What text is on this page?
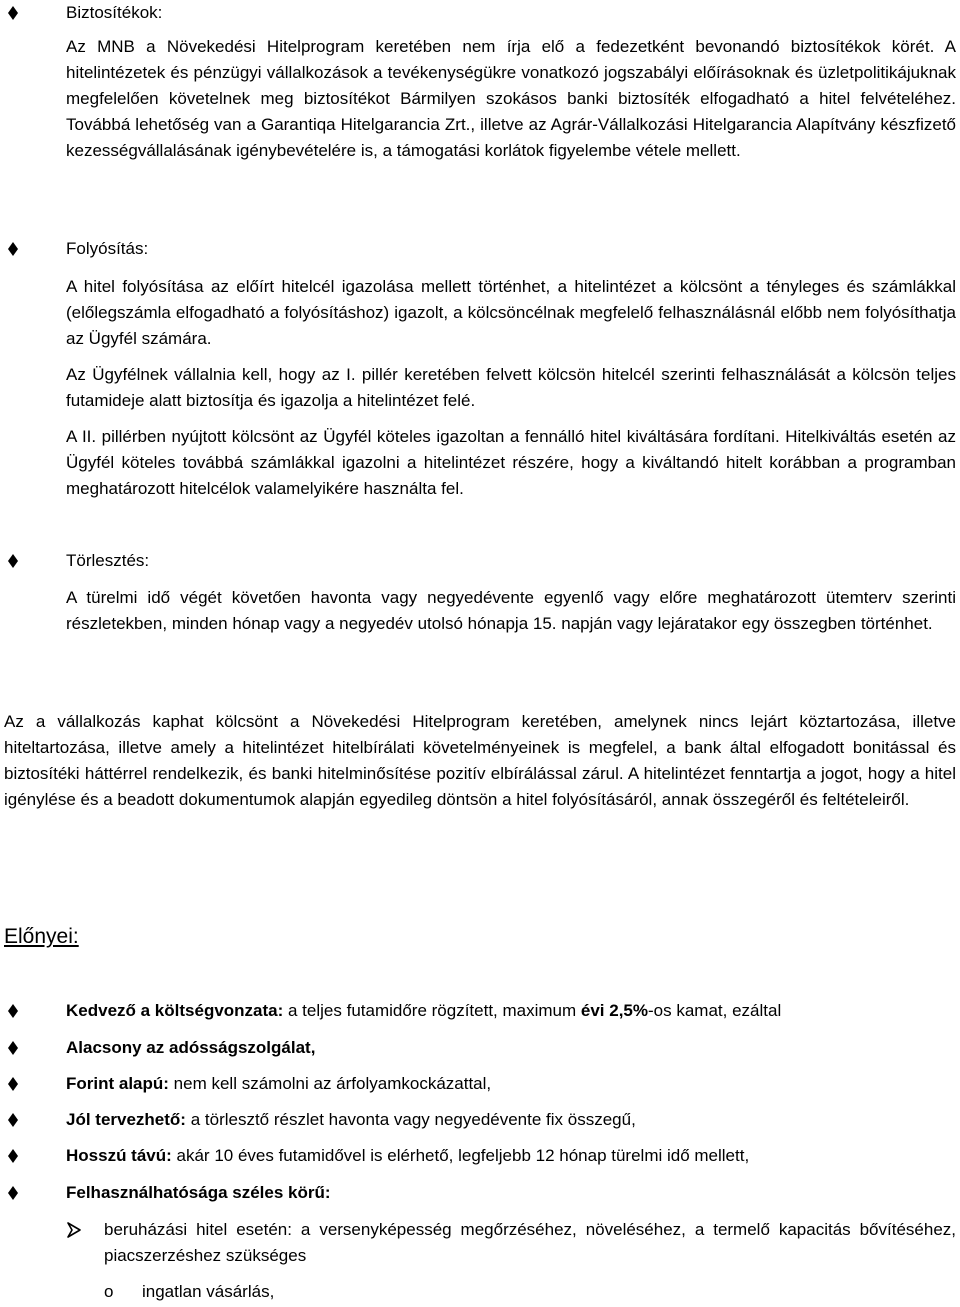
Biztosítékok:

Az MNB a Növekedési Hitelprogram keretében nem írja elő a fedezetként bevonandó biztosítékok körét. A hitelintézetek és pénzügyi vállalkozások a tevékenységükre vonatkozó jogszabályi előírásoknak és üzletpolitikájuknak megfelelően követelnek meg biztosítékot Bármilyen szokásos banki biztosíték elfogadható a hitel felvételéhez. Továbbá lehetőség van a Garantiqa Hitelgarancia Zrt., illetve az Agrár-Vállalkozási Hitelgarancia Alapítvány készfizető kezességvállalásának igénybevételére is, a támogatási korlátok figyelembe vétele mellett.

Folyósítás:

A hitel folyósítása az előírt hitelcél igazolása mellett történhet, a hitelintézet a kölcsönt a tényleges és számlákkal (előlegszámla elfogadható a folyósításhoz) igazolt, a kölcsöncélnak megfelelő felhasználásnál előbb nem folyósíthatja az Ügyfél számára.

Az Ügyfélnek vállalnia kell, hogy az I. pillér keretében felvett kölcsön hitelcél szerinti felhasználását a kölcsön teljes futamideje alatt biztosítja és igazolja a hitelintézet felé.

A II. pillérben nyújtott kölcsönt az Ügyfél köteles igazoltan a fennálló hitel kiváltására fordítani. Hitelkiváltás esetén az Ügyfél köteles továbbá számlákkal igazolni a hitelintézet részére, hogy a kiváltandó hitelt korábban a programban meghatározott hitelcélok valamelyikére használta fel.

Törlesztés:

A türelmi idő végét követően havonta vagy negyedévente egyenlő vagy előre meghatározott ütemterv szerinti részletekben, minden hónap vagy a negyedév utolsó hónapja 15. napján vagy lejáratakor egy összegben történhet.

Az a vállalkozás kaphat kölcsönt a Növekedési Hitelprogram keretében, amelynek nincs lejárt köztartozása, illetve hiteltartozása, illetve amely a hitelintézet hitelbírálati követelményeinek is megfelel, a bank által elfogadott bonitással és biztosítéki háttérrel rendelkezik, és banki hitelminősítése pozitív elbírálással zárul. A hitelintézet fenntartja a jogot, hogy a hitel igénylése és a beadott dokumentumok alapján egyedileg döntsön a hitel folyósításáról, annak összegéről és feltételeiről.

Előnyei:
Kedvező a költségvonzata: a teljes futamidőre rögzített, maximum évi 2,5%-os kamat, ezáltal
Alacsony az adósságszolgálat,
Forint alapú: nem kell számolni az árfolyamkockázattal,
Jól tervezhető: a törlesztő részlet havonta vagy negyedévente fix összegű,
Hosszú távú: akár 10 éves futamidővel is elérhető, legfeljebb 12 hónap türelmi idő mellett,
Felhasználhatósága széles körű:
beruházási hitel esetén: a versenyképesség megőrzéséhez, növeléséhez, a termelő kapacitás bővítéséhez, piacszerzéshez szükséges
o ingatlan vásárlás,
